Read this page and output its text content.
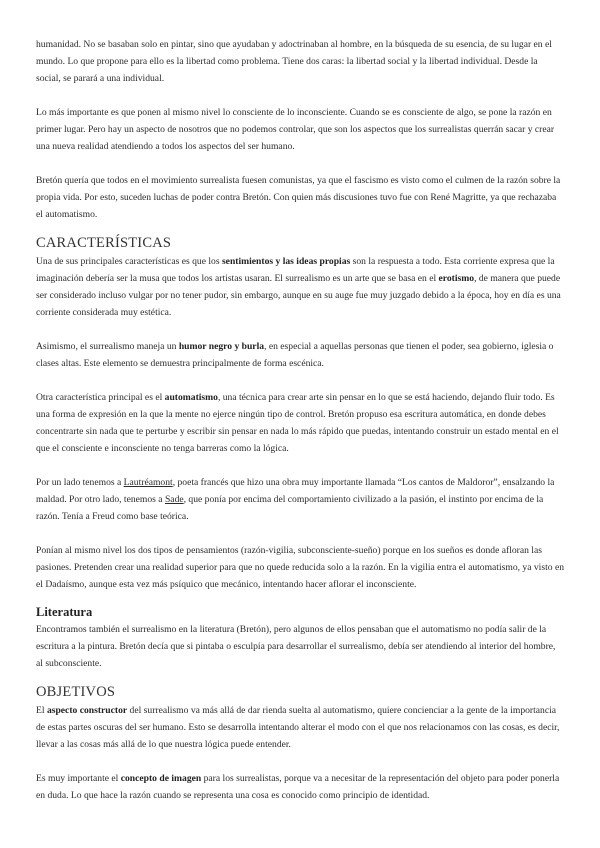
humanidad. No se basaban solo en pintar, sino que ayudaban y adoctrinaban al hombre, en la búsqueda de su esencia, de su lugar en el mundo. Lo que propone para ello es la libertad como problema. Tiene dos caras: la libertad social y la libertad individual. Desde la social, se parará a una individual.

Lo más importante es que ponen al mismo nivel lo consciente de lo inconsciente. Cuando se es consciente de algo, se pone la razón en primer lugar. Pero hay un aspecto de nosotros que no podemos controlar, que son los aspectos que los surrealistas querrán sacar y crear una nueva realidad atendiendo a todos los aspectos del ser humano.

Bretón quería que todos en el movimiento surrealista fuesen comunistas, ya que el fascismo es visto como el culmen de la razón sobre la propia vida. Por esto, suceden luchas de poder contra Bretón. Con quien más discusiones tuvo fue con René Magritte, ya que rechazaba el automatismo.

CARACTERÍSTICAS

Una de sus principales características es que los sentimientos y las ideas propias son la respuesta a todo. Esta corriente expresa que la imaginación debería ser la musa que todos los artistas usaran. El surrealismo es un arte que se basa en el erotismo, de manera que puede ser considerado incluso vulgar por no tener pudor, sin embargo, aunque en su auge fue muy juzgado debido a la época, hoy en día es una corriente considerada muy estética.

Asimismo, el surrealismo maneja un humor negro y burla, en especial a aquellas personas que tienen el poder, sea gobierno, iglesia o clases altas. Este elemento se demuestra principalmente de forma escénica.

Otra característica principal es el automatismo, una técnica para crear arte sin pensar en lo que se está haciendo, dejando fluir todo. Es una forma de expresión en la que la mente no ejerce ningún tipo de control. Bretón propuso esa escritura automática, en donde debes concentrarte sin nada que te perturbe y escribir sin pensar en nada lo más rápido que puedas, intentando construir un estado mental en el que el consciente e inconsciente no tenga barreras como la lógica.

Por un lado tenemos a Lautréamont, poeta francés que hizo una obra muy importante llamada “Los cantos de Maldoror”, ensalzando la maldad. Por otro lado, tenemos a Sade, que ponía por encima del comportamiento civilizado a la pasión, el instinto por encima de la razón. Tenía a Freud como base teórica.

Ponían al mismo nivel los dos tipos de pensamientos (razón-vigilia, subconsciente-sueño) porque en los sueños es donde afloran las pasiones. Pretenden crear una realidad superior para que no quede reducida solo a la razón. En la vigilia entra el automatismo, ya visto en el Dadaísmo, aunque esta vez más psíquico que mecánico, intentando hacer aflorar el inconsciente.

Literatura

Encontramos también el surrealismo en la literatura (Bretón), pero algunos de ellos pensaban que el automatismo no podía salir de la escritura a la pintura. Bretón decía que si pintaba o esculpía para desarrollar el surrealismo, debía ser atendiendo al interior del hombre, al subconsciente.

OBJETIVOS

El aspecto constructor del surrealismo va más allá de dar rienda suelta al automatismo, quiere concienciar a la gente de la importancia de estas partes oscuras del ser humano. Esto se desarrolla intentando alterar el modo con el que nos relacionamos con las cosas, es decir, llevar a las cosas más allá de lo que nuestra lógica puede entender.

Es muy importante el concepto de imagen para los surrealistas, porque va a necesitar de la representación del objeto para poder ponerla en duda. Lo que hace la razón cuando se representa una cosa es conocido como principio de identidad.
